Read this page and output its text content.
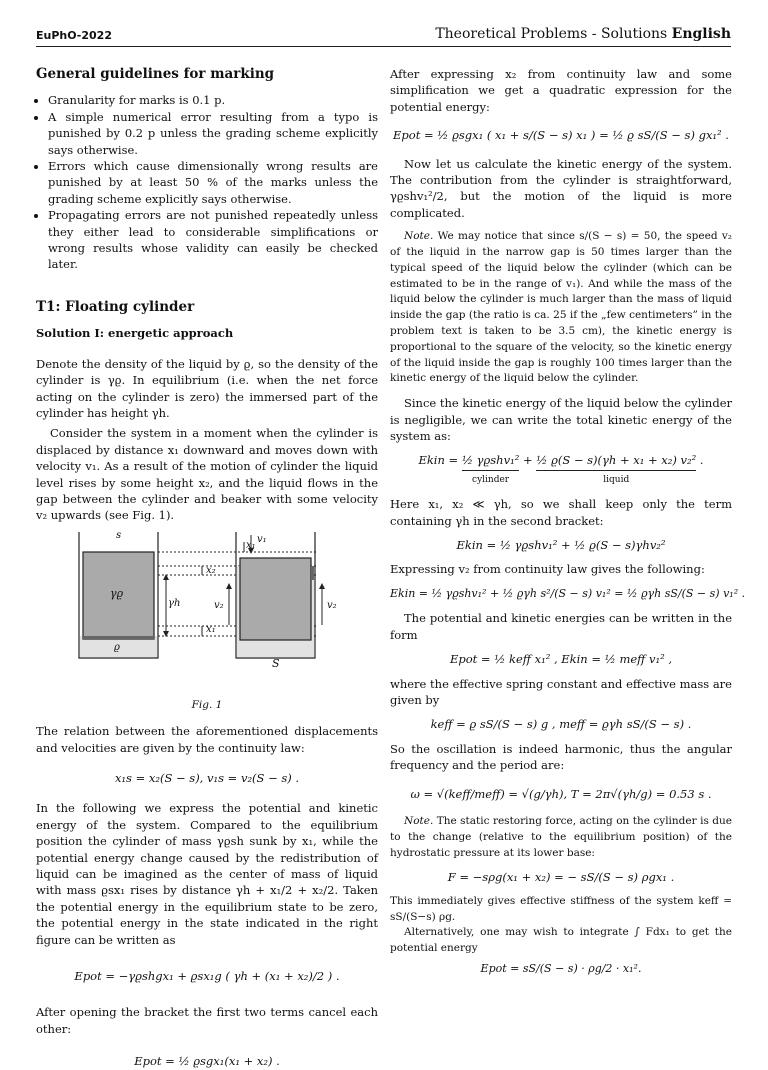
EuPhO-2022	Theoretical Problems - Solutions English
General guidelines for marking
• Granularity for marks is 0.1 p.
• A simple numerical error resulting from a typo is punished by 0.2 p unless the grading scheme explicitly says otherwise.
• Errors which cause dimensionally wrong results are punished by at least 50 % of the marks unless the grading scheme explicitly says otherwise.
• Propagating errors are not punished repeatedly unless they either lead to considerable simplifications or wrong results whose validity can easily be checked later.
T1: Floating cylinder
Solution I: energetic approach

Denote the density of the liquid by ϱ, so the density of the cylinder is γϱ. In equilibrium (i.e. when the net force acting on the cylinder is zero) the immersed part of the cylinder has height γh.

Consider the system in a moment when the cylinder is displaced by distance x₁ downward and moves down with velocity v₁. As a result of the motion of cylinder the liquid level rises by some height x₂, and the liquid flows in the gap between the cylinder and beaker with some velocity v₂ upwards (see Fig. 1).

s
γϱ
γh
ϱ
S
x₂
x₁
x₁
v₁
v₂	v₂
Fig. 1

The relation between the aforementioned displacements and velocities are given by the continuity law:

x₁s = x₂(S − s), v₁s = v₂(S − s) .

In the following we express the potential and kinetic energy of the system. Compared to the equilibrium position the cylinder of mass γϱsh sunk by x₁, while the potential energy change caused by the redistribution of liquid can be imagined as the center of mass of liquid with mass ϱsx₁ rises by distance γh + x₁/2 + x₂/2. Taken the potential energy in the equilibrium state to be zero, the potential energy in the state indicated in the right figure can be written as

Epot = −γϱshgx₁ + ϱsx₁g ( γh + (x₁ + x₂)/2 ) .

After opening the bracket the first two terms cancel each other:

Epot = ½ ϱsgx₁(x₁ + x₂) .

After expressing x₂ from continuity law and some simplification we get a quadratic expression for the potential energy:

Epot = ½ ϱsgx₁ ( x₁ + s/(S − s) x₁ ) = ½ ϱ sS/(S − s) gx₁² .

Now let us calculate the kinetic energy of the system. The contribution from the cylinder is straightforward, γϱshv₁²/2, but the motion of the liquid is more complicated.

Note. We may notice that since s/(S − s) = 50, the speed v₂ of the liquid in the narrow gap is 50 times larger than the typical speed of the liquid below the cylinder (which can be estimated to be in the range of v₁). And while the mass of the liquid below the cylinder is much larger than the mass of liquid inside the gap (the ratio is ca. 25 if the „few centimeters” in the problem text is taken to be 3.5 cm), the kinetic energy is proportional to the square of the velocity, so the kinetic energy of the liquid inside the gap is roughly 100 times larger than the kinetic energy of the liquid below the cylinder.

Since the kinetic energy of the liquid below the cylinder is negligible, we can write the total kinetic energy of the system as:

Ekin = ½ γϱshv₁²
cylinder
+ ½ ϱ(S − s)(γh + x₁ + x₂) v₂²
liquid
.

Here x₁, x₂ ≪ γh, so we shall keep only the term containing γh in the second bracket:

Ekin = ½ γϱshv₁² + ½ ϱ(S − s)γhv₂²

Expressing v₂ from continuity law gives the following:

Ekin = ½ γϱshv₁² + ½ ϱγh s²/(S − s) v₁² = ½ ϱγh sS/(S − s) v₁² .

The potential and kinetic energies can be written in the form

Epot = ½ keff x₁² , Ekin = ½ meff v₁² ,

where the effective spring constant and effective mass are given by

keff = ϱ sS/(S − s) g , meff = ϱγh sS/(S − s) .

So the oscillation is indeed harmonic, thus the angular frequency and the period are:

ω = √(keff/meff) = √(g/γh), T = 2π√(γh/g) = 0.53 s .

Note. The static restoring force, acting on the cylinder is due to the change (relative to the equilibrium position) of the hydrostatic pressure at its lower base:

F = −sρg(x₁ + x₂) = − sS/(S − s) ρgx₁ .

This immediately gives effective stiffness of the system keff = sS/(S−s) ρg.

Alternatively, one may wish to integrate ∫ Fdx₁ to get the potential energy

Epot = sS/(S − s) · ρg/2 · x₁².
